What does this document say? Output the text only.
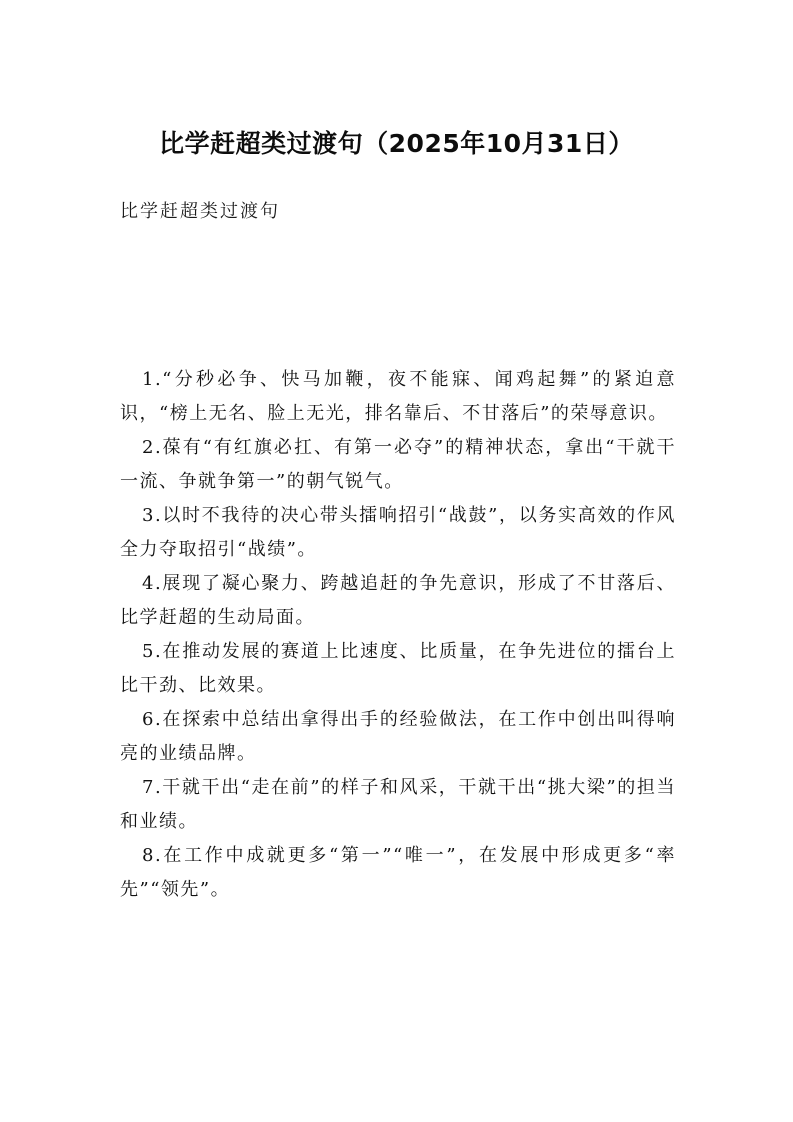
比学赶超类过渡句（2025年10月31日）
比学赶超类过渡句

1.“分秒必争、快马加鞭，夜不能寐、闻鸡起舞”的紧迫意识，“榜上无名、脸上无光，排名靠后、不甘落后”的荣辱意识。

2.葆有“有红旗必扛、有第一必夺”的精神状态，拿出“干就干一流、争就争第一”的朝气锐气。

3.以时不我待的决心带头擂响招引“战鼓”，以务实高效的作风全力夺取招引“战绩”。

4.展现了凝心聚力、跨越追赶的争先意识，形成了不甘落后、比学赶超的生动局面。

5.在推动发展的赛道上比速度、比质量，在争先进位的擂台上比干劲、比效果。

6.在探索中总结出拿得出手的经验做法，在工作中创出叫得响亮的业绩品牌。

7.干就干出“走在前”的样子和风采，干就干出“挑大梁”的担当和业绩。

8.在工作中成就更多“第一”“唯一”，在发展中形成更多“率先”“领先”。
